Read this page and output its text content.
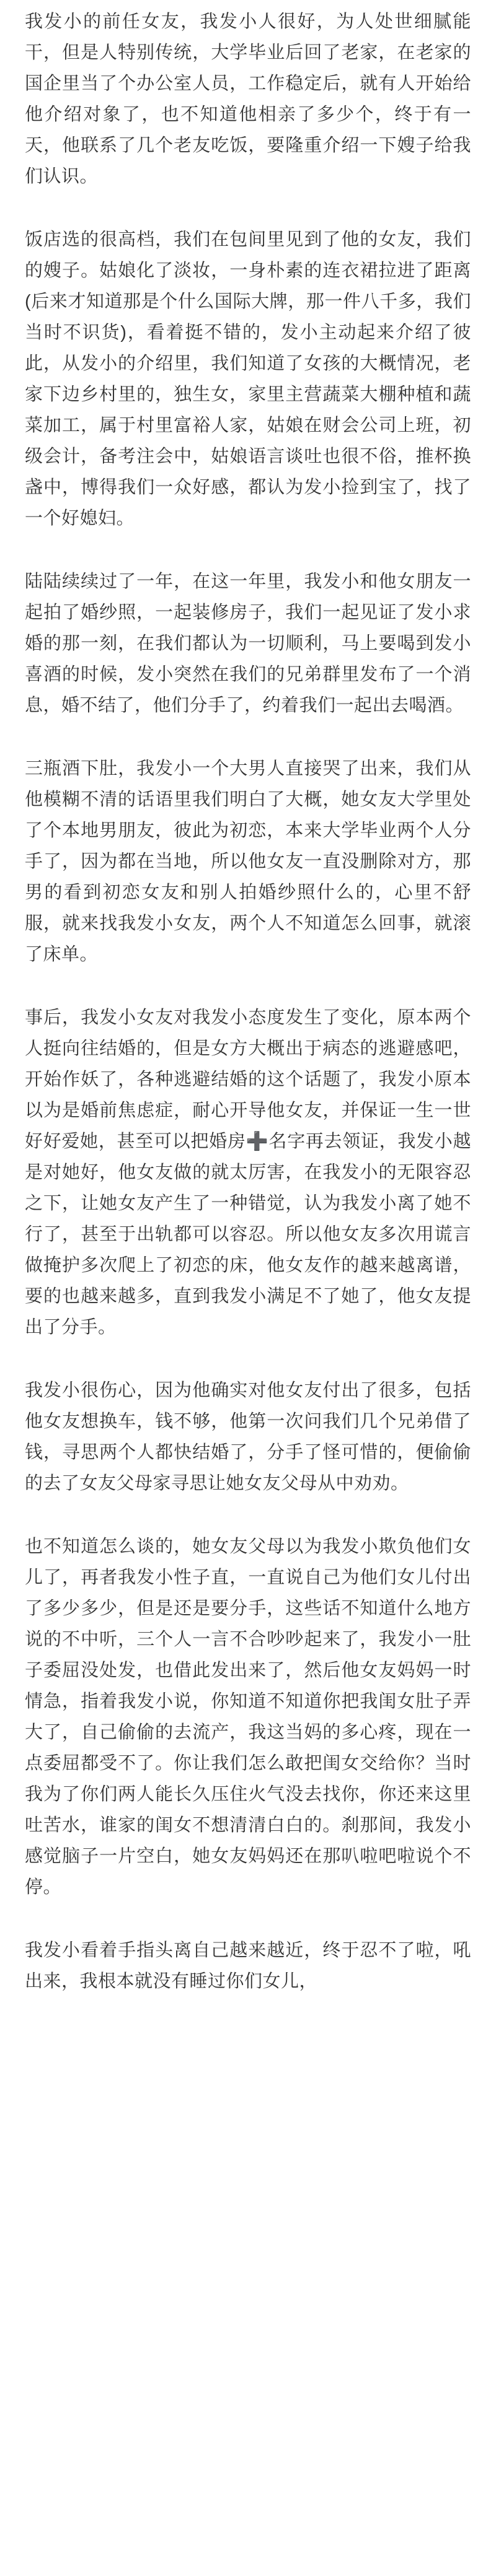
我发小的前任女友，我发小人很好，为人处世细腻能干，但是人特别传统，大学毕业后回了老家，在老家的国企里当了个办公室人员，工作稳定后，就有人开始给他介绍对象了，也不知道他相亲了多少个，终于有一天，他联系了几个老友吃饭，要隆重介绍一下嫂子给我们认识。

饭店选的很高档，我们在包间里见到了他的女友，我们的嫂子。姑娘化了淡妆，一身朴素的连衣裙拉进了距离(后来才知道那是个什么国际大牌，那一件八千多，我们当时不识货)，看着挺不错的，发小主动起来介绍了彼此，从发小的介绍里，我们知道了女孩的大概情况，老家下边乡村里的，独生女，家里主营蔬菜大棚种植和蔬菜加工，属于村里富裕人家，姑娘在财会公司上班，初级会计，备考注会中，姑娘语言谈吐也很不俗，推杯换盏中，博得我们一众好感，都认为发小捡到宝了，找了一个好媳妇。

陆陆续续过了一年，在这一年里，我发小和他女朋友一起拍了婚纱照，一起装修房子，我们一起见证了发小求婚的那一刻，在我们都认为一切顺利，马上要喝到发小喜酒的时候，发小突然在我们的兄弟群里发布了一个消息，婚不结了，他们分手了，约着我们一起出去喝酒。

三瓶酒下肚，我发小一个大男人直接哭了出来，我们从他模糊不清的话语里我们明白了大概，她女友大学里处了个本地男朋友，彼此为初恋，本来大学毕业两个人分手了，因为都在当地，所以他女友一直没删除对方，那男的看到初恋女友和别人拍婚纱照什么的，心里不舒服，就来找我发小女友，两个人不知道怎么回事，就滚了床单。

事后，我发小女友对我发小态度发生了变化，原本两个人挺向往结婚的，但是女方大概出于病态的逃避感吧，开始作妖了，各种逃避结婚的这个话题了，我发小原本以为是婚前焦虑症，耐心开导他女友，并保证一生一世好好爱她，甚至可以把婚房➕名字再去领证，我发小越是对她好，他女友做的就太厉害，在我发小的无限容忍之下，让她女友产生了一种错觉，认为我发小离了她不行了，甚至于出轨都可以容忍。所以他女友多次用谎言做掩护多次爬上了初恋的床，他女友作的越来越离谱，要的也越来越多，直到我发小满足不了她了，他女友提出了分手。

我发小很伤心，因为他确实对他女友付出了很多，包括他女友想换车，钱不够，他第一次问我们几个兄弟借了钱，寻思两个人都快结婚了，分手了怪可惜的，便偷偷的去了女友父母家寻思让她女友父母从中劝劝。

也不知道怎么谈的，她女友父母以为我发小欺负他们女儿了，再者我发小性子直，一直说自己为他们女儿付出了多少多少，但是还是要分手，这些话不知道什么地方说的不中听，三个人一言不合吵吵起来了，我发小一肚子委屈没处发，也借此发出来了，然后他女友妈妈一时情急，指着我发小说，你知道不知道你把我闺女肚子弄大了，自己偷偷的去流产，我这当妈的多心疼，现在一点委屈都受不了。你让我们怎么敢把闺女交给你？当时我为了你们两人能长久压住火气没去找你，你还来这里吐苦水，谁家的闺女不想清清白白的。刹那间，我发小感觉脑子一片空白，她女友妈妈还在那叭啦吧啦说个不停。

我发小看着手指头离自己越来越近，终于忍不了啦，吼出来，我根本就没有睡过你们女儿，
